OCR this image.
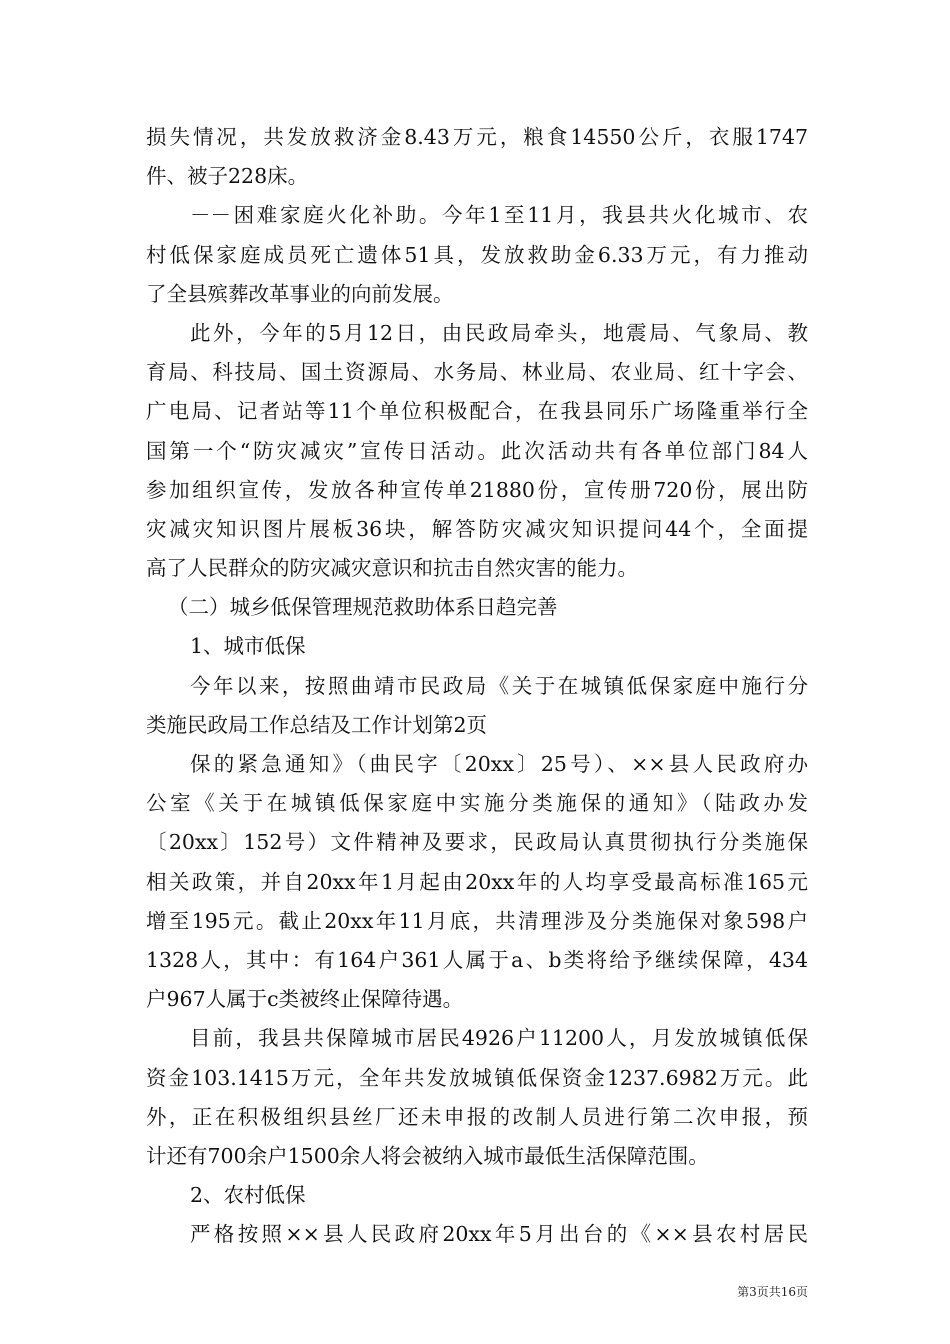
损失情况，共发放救济金8.43万元，粮食14550公斤，衣服1747
件、被子228床。
－－困难家庭火化补助。今年1至11月，我县共火化城市、农
村低保家庭成员死亡遗体51具，发放救助金6.33万元，有力推动
了全县殡葬改革事业的向前发展。
此外，今年的5月12日，由民政局牵头，地震局、气象局、教
育局、科技局、国土资源局、水务局、林业局、农业局、红十字会、
广电局、记者站等11个单位积极配合，在我县同乐广场隆重举行全
国第一个“防灾减灾”宣传日活动。此次活动共有各单位部门84人
参加组织宣传，发放各种宣传单21880份，宣传册720份，展出防
灾减灾知识图片展板36块，解答防灾减灾知识提问44个，全面提
高了人民群众的防灾减灾意识和抗击自然灾害的能力。
（二）城乡低保管理规范救助体系日趋完善
1、城市低保
今年以来，按照曲靖市民政局《关于在城镇低保家庭中施行分
类施民政局工作总结及工作计划第2页
保的紧急通知》（曲民字〔20xx〕25号）、××县人民政府办
公室《关于在城镇低保家庭中实施分类施保的通知》（陆政办发
〔20xx〕152号）文件精神及要求，民政局认真贯彻执行分类施保
相关政策，并自20xx年1月起由20xx年的人均享受最高标准165元
增至195元。截止20xx年11月底，共清理涉及分类施保对象598户
1328人，其中：有164户361人属于a、b类将给予继续保障，434
户967人属于c类被终止保障待遇。
目前，我县共保障城市居民4926户11200人，月发放城镇低保
资金103.1415万元，全年共发放城镇低保资金1237.6982万元。此
外，正在积极组织县丝厂还未申报的改制人员进行第二次申报，预
计还有700余户1500余人将会被纳入城市最低生活保障范围。
2、农村低保
严格按照××县人民政府20xx年5月出台的《××县农村居民
第3页共16页
